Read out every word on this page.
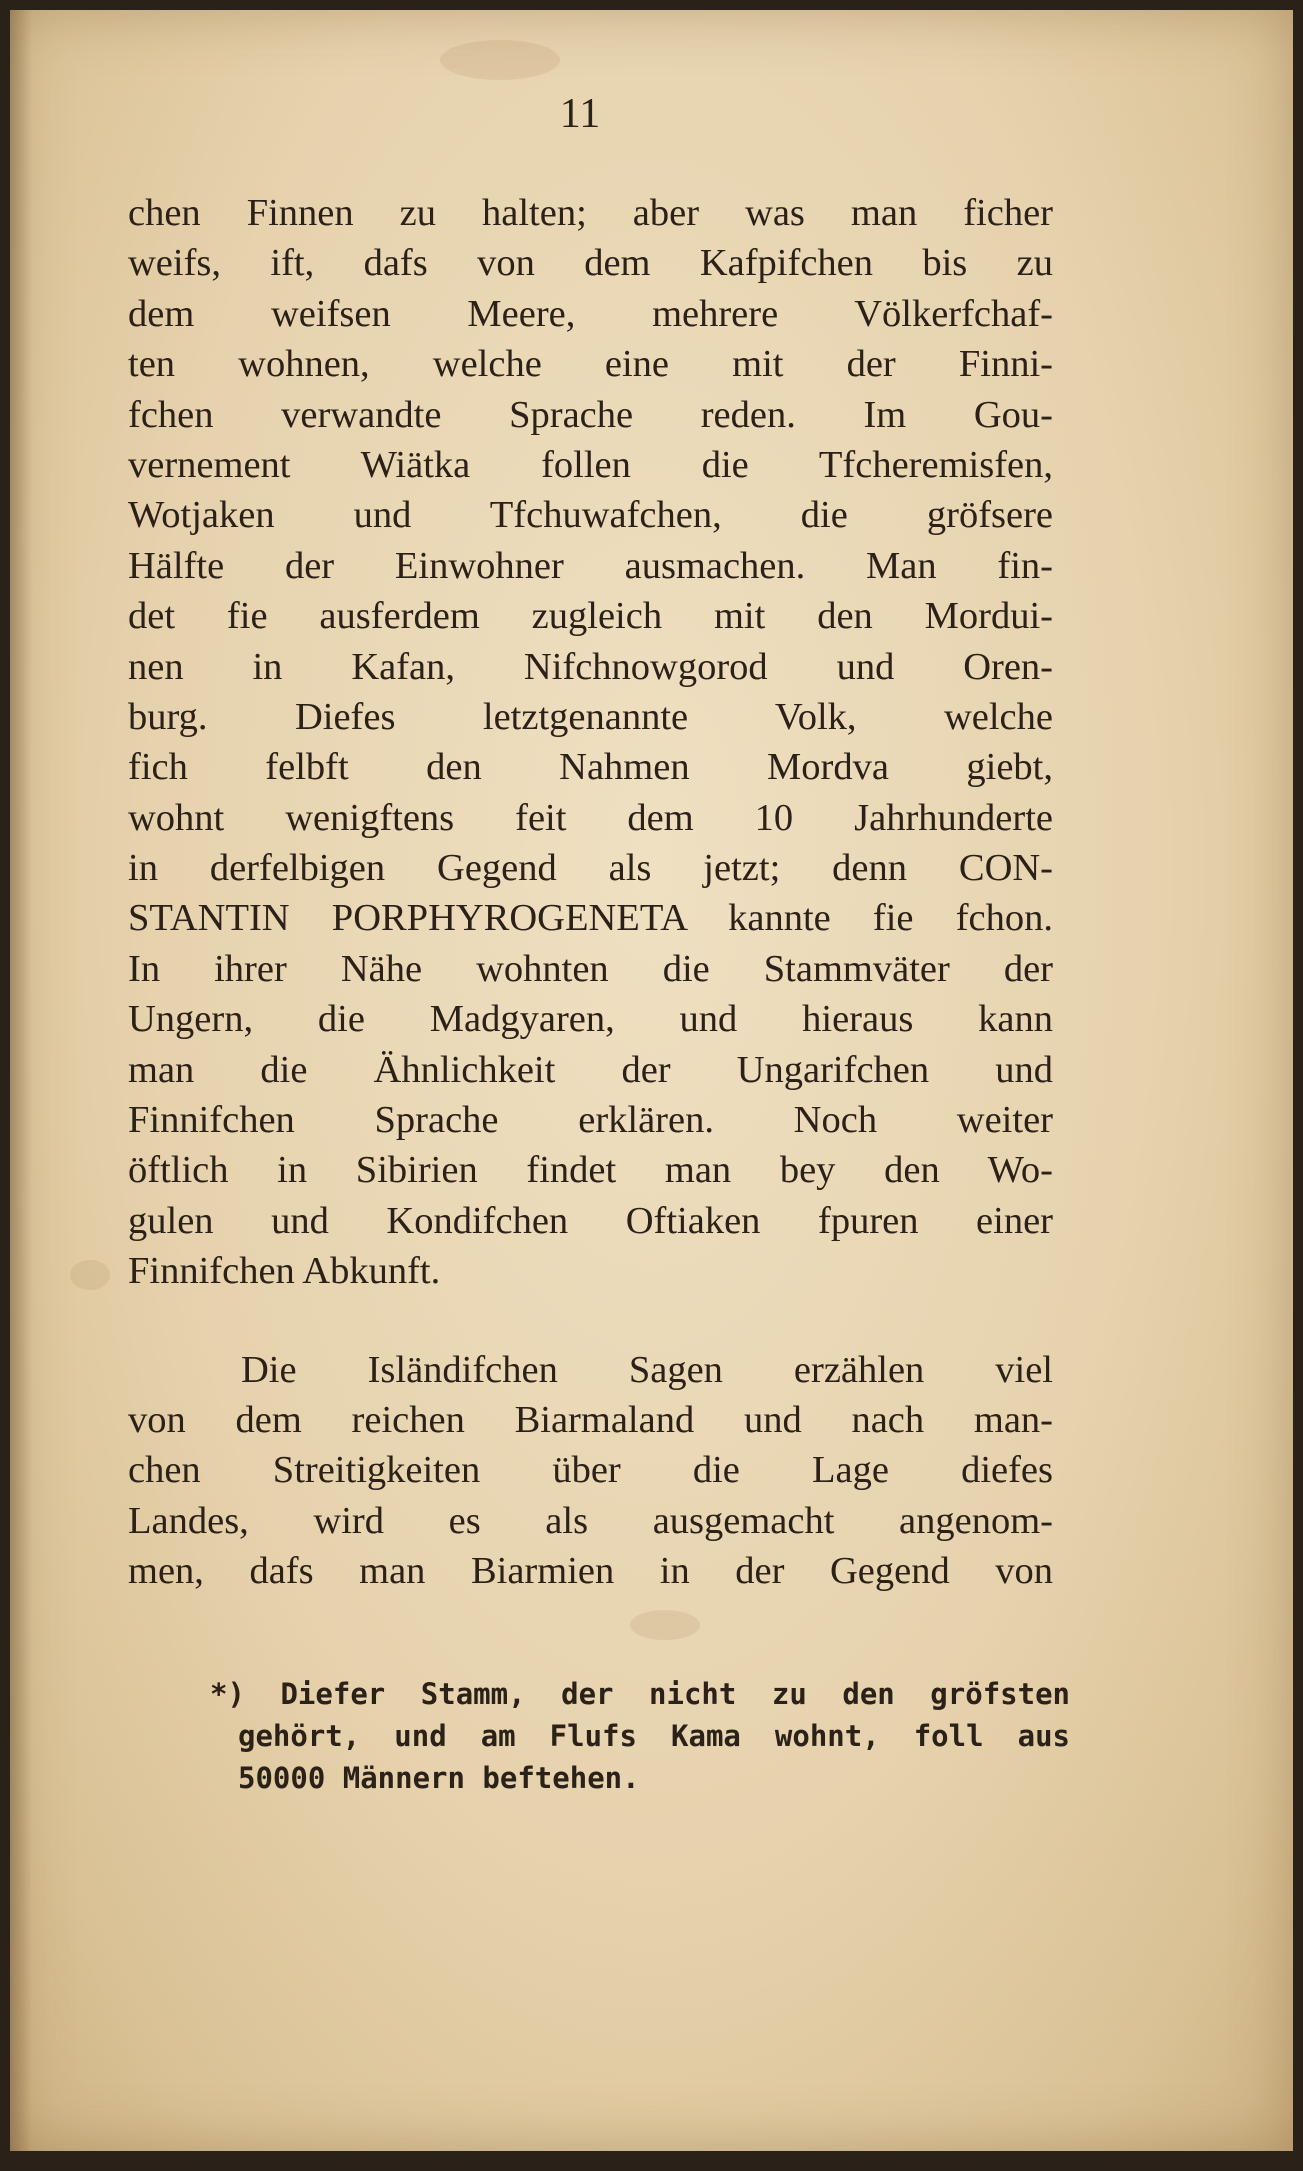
11
chen Finnen zu halten; aber was man ficher
weifs, ift, dafs von dem Kafpifchen bis zu
dem weifsen Meere, mehrere Völkerfchaf-
ten wohnen, welche eine mit der Finni-
fchen verwandte Sprache reden. Im Gou-
vernement Wiätka follen die Tfcheremisfen,
Wotjaken und Tfchuwafchen, die gröfsere
Hälfte der Einwohner ausmachen. Man fin-
det fie ausferdem zugleich mit den Mordui-
nen in Kafan, Nifchnowgorod und Oren-
burg. Diefes letztgenannte Volk, welche
fich felbft den Nahmen Mordva giebt,
wohnt wenigftens feit dem 10 Jahrhunderte
in derfelbigen Gegend als jetzt; denn CON-
STANTIN PORPHYROGENETA kannte fie fchon.
In ihrer Nähe wohnten die Stammväter der
Ungern, die Madgyaren, und hieraus kann
man die Ähnlichkeit der Ungarifchen und
Finnifchen Sprache erklären. Noch weiter
öftlich in Sibirien findet man bey den Wo-
gulen und Kondifchen Oftiaken fpuren einer
Finnifchen Abkunft.
Die Isländifchen Sagen erzählen viel
von dem reichen Biarmaland und nach man-
chen Streitigkeiten über die Lage diefes
Landes, wird es als ausgemacht angenom-
men, dafs man Biarmien in der Gegend von
*) Diefer Stamm, der nicht zu den gröfsten
gehört, und am Flufs Kama wohnt, foll aus
50000 Männern beftehen.
